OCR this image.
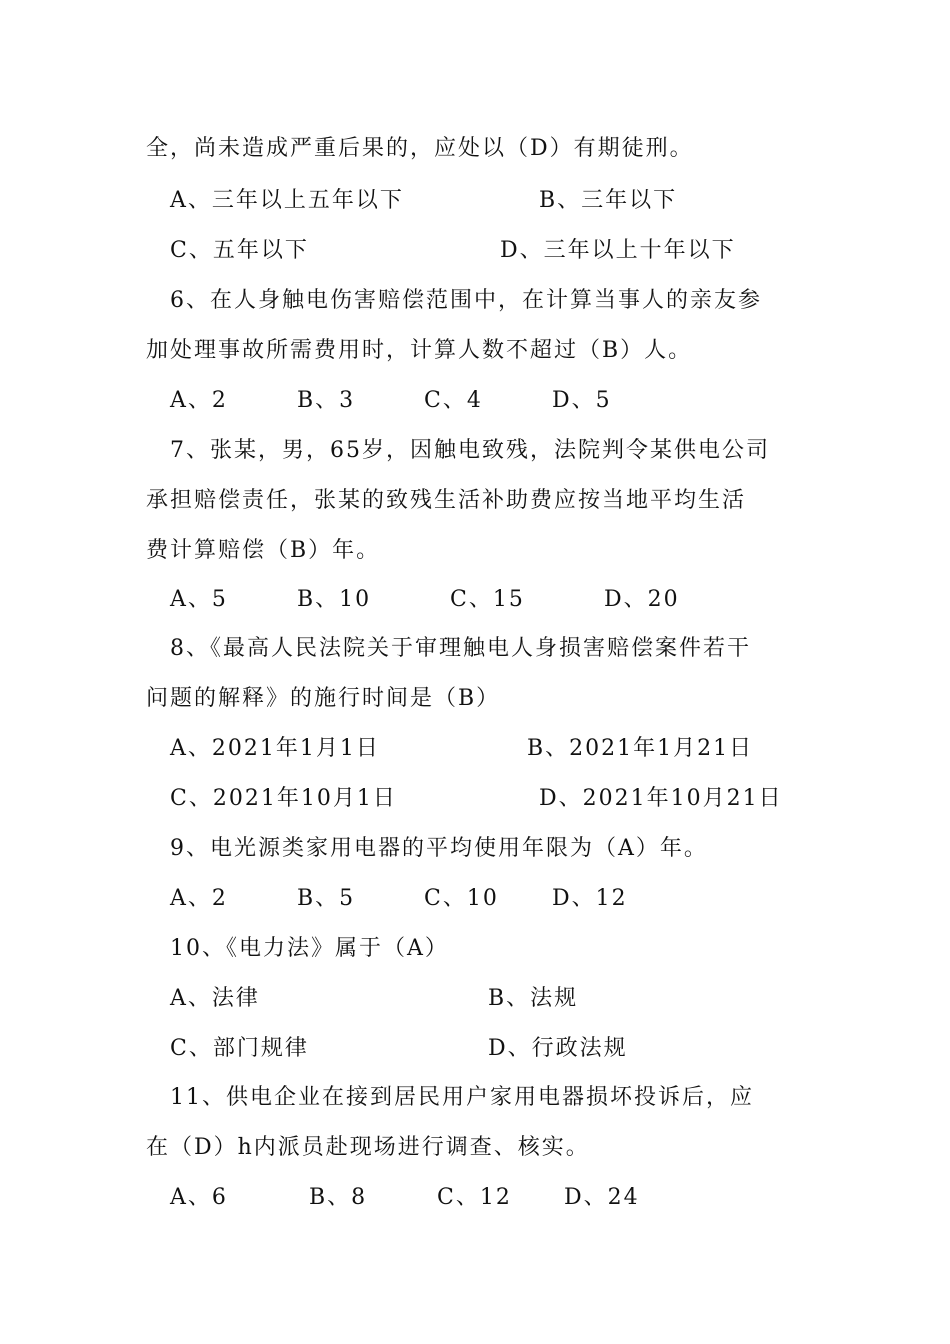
全，尚未造成严重后果的，应处以（D）有期徒刑。
A、三年以上五年以下	B、三年以下
C、五年以下	D、三年以上十年以下
6、在人身触电伤害赔偿范围中，在计算当事人的亲友参
加处理事故所需费用时，计算人数不超过（B）人。
A、2	B、3	C、4	D、5
7、张某，男，65岁，因触电致残，法院判令某供电公司
承担赔偿责任，张某的致残生活补助费应按当地平均生活
费计算赔偿（B）年。
A、5	B、10	C、15	D、20
8、《最高人民法院关于审理触电人身损害赔偿案件若干
问题的解释》的施行时间是（B）
A、2021年1月1日	B、2021年1月21日
C、2021年10月1日	D、2021年10月21日
9、电光源类家用电器的平均使用年限为（A）年。
A、2	B、5	C、10 D、12
10、《电力法》属于（A）
A、法律	B、法规
C、部门规律	D、行政法规
11、供电企业在接到居民用户家用电器损坏投诉后，应
在（D）h内派员赴现场进行调查、核实。
A、6	B、8	C、12 D、24
